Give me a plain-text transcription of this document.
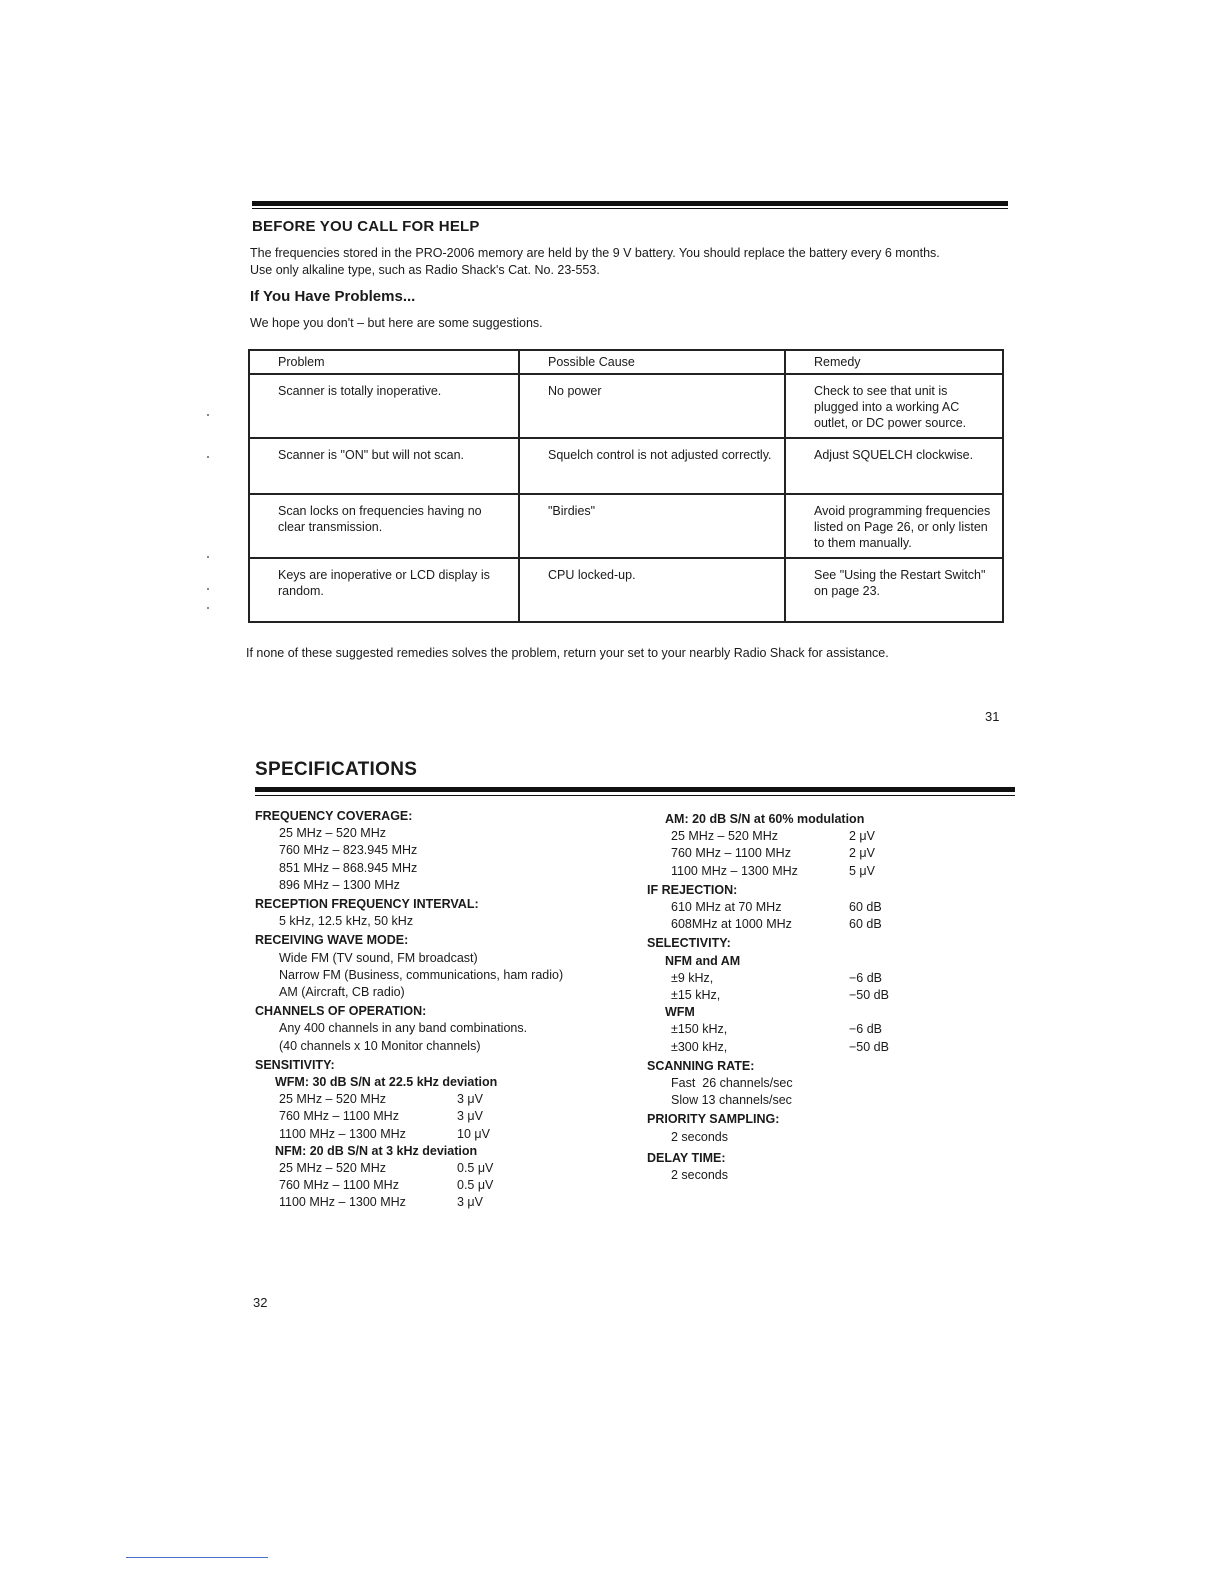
BEFORE YOU CALL FOR HELP
The frequencies stored in the PRO-2006 memory are held by the 9 V battery. You should replace the battery every 6 months.
Use only alkaline type, such as Radio Shack's Cat. No. 23-553.
If You Have Problems...
We hope you don't – but here are some suggestions.
Problem	Possible Cause	Remedy
Scanner is totally inoperative.	No power	Check to see that unit is plugged into a working AC outlet, or DC power source.
Scanner is "ON" but will not scan.	Squelch control is not adjusted correctly.	Adjust SQUELCH clockwise.
Scan locks on frequencies having no clear transmission.	"Birdies"	Avoid programming frequencies listed on Page 26, or only listen to them manually.
Keys are inoperative or LCD display is random.	CPU locked-up.	See "Using the Restart Switch" on page 23.
If none of these suggested remedies solves the problem, return your set to your nearbly Radio Shack for assistance.
31
SPECIFICATIONS
FREQUENCY COVERAGE:
25 MHz – 520 MHz
760 MHz – 823.945 MHz
851 MHz – 868.945 MHz
896 MHz – 1300 MHz
RECEPTION FREQUENCY INTERVAL:
5 kHz, 12.5 kHz, 50 kHz
RECEIVING WAVE MODE:
Wide FM (TV sound, FM broadcast)
Narrow FM (Business, communications, ham radio)
AM (Aircraft, CB radio)
CHANNELS OF OPERATION:
Any 400 channels in any band combinations.
(40 channels x 10 Monitor channels)
SENSITIVITY:
WFM: 30 dB S/N at 22.5 kHz deviation
25 MHz – 520 MHz	3 μV
760 MHz – 1100 MHz	3 μV
1100 MHz – 1300 MHz	10 μV
NFM: 20 dB S/N at 3 kHz deviation
25 MHz – 520 MHz	0.5 μV
760 MHz – 1100 MHz	0.5 μV
1100 MHz – 1300 MHz	3 μV
AM: 20 dB S/N at 60% modulation
25 MHz – 520 MHz	2 μV
760 MHz – 1100 MHz	2 μV
1100 MHz – 1300 MHz	5 μV
IF REJECTION:
610 MHz at 70 MHz	60 dB
608MHz at 1000 MHz	60 dB
SELECTIVITY:
NFM and AM
±9 kHz,	−6 dB
±15 kHz,	−50 dB
WFM
±150 kHz,	−6 dB
±300 kHz,	−50 dB
SCANNING RATE:
Fast  26 channels/sec
Slow 13 channels/sec
PRIORITY SAMPLING:
2 seconds
DELAY TIME:
2 seconds
32
